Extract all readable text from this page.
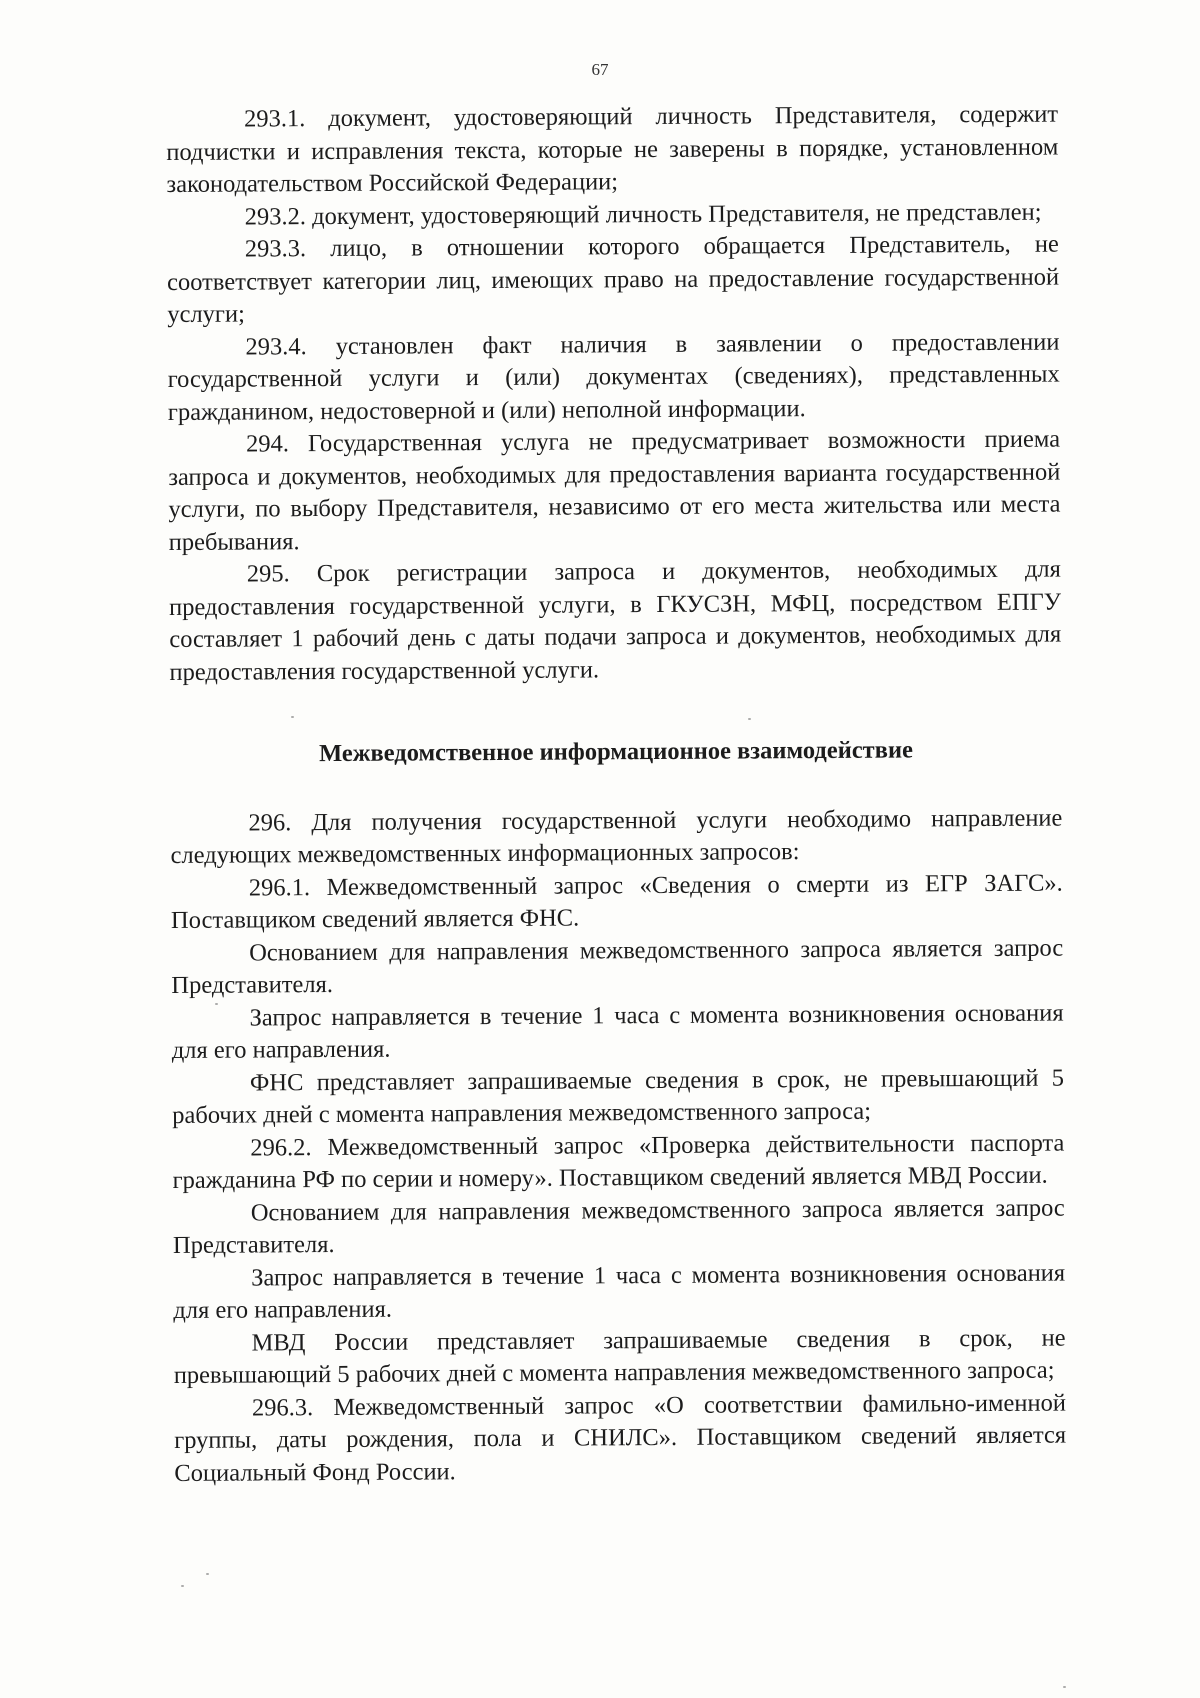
67

293.1. документ, удостоверяющий личность Представителя, содержит подчистки и исправления текста, которые не заверены в порядке, установленном законодательством Российской Федерации;

293.2. документ, удостоверяющий личность Представителя, не представлен;

293.3. лицо, в отношении которого обращается Представитель, не соответствует категории лиц, имеющих право на предоставление государственной услуги;

293.4. установлен факт наличия в заявлении о предоставлении государственной услуги и (или) документах (сведениях), представленных гражданином, недостоверной и (или) неполной информации.

294. Государственная услуга не предусматривает возможности приема запроса и документов, необходимых для предоставления варианта государственной услуги, по выбору Представителя, независимо от его места жительства или места пребывания.

295. Срок регистрации запроса и документов, необходимых для предоставления государственной услуги, в ГКУСЗН, МФЦ, посредством ЕПГУ составляет 1 рабочий день с даты подачи запроса и документов, необходимых для предоставления государственной услуги.

Межведомственное информационное взаимодействие

296. Для получения государственной услуги необходимо направление следующих межведомственных информационных запросов:

296.1. Межведомственный запрос «Сведения о смерти из ЕГР ЗАГС». Поставщиком сведений является ФНС.

Основанием для направления межведомственного запроса является запрос Представителя.

Запрос направляется в течение 1 часа с момента возникновения основания для его направления.

ФНС представляет запрашиваемые сведения в срок, не превышающий 5 рабочих дней с момента направления межведомственного запроса;

296.2. Межведомственный запрос «Проверка действительности паспорта гражданина РФ по серии и номеру». Поставщиком сведений является МВД России.

Основанием для направления межведомственного запроса является запрос Представителя.

Запрос направляется в течение 1 часа с момента возникновения основания для его направления.

МВД России представляет запрашиваемые сведения в срок, не превышающий 5 рабочих дней с момента направления межведомственного запроса;

296.3. Межведомственный запрос «О соответствии фамильно-именной группы, даты рождения, пола и СНИЛС». Поставщиком сведений является Социальный Фонд России.
